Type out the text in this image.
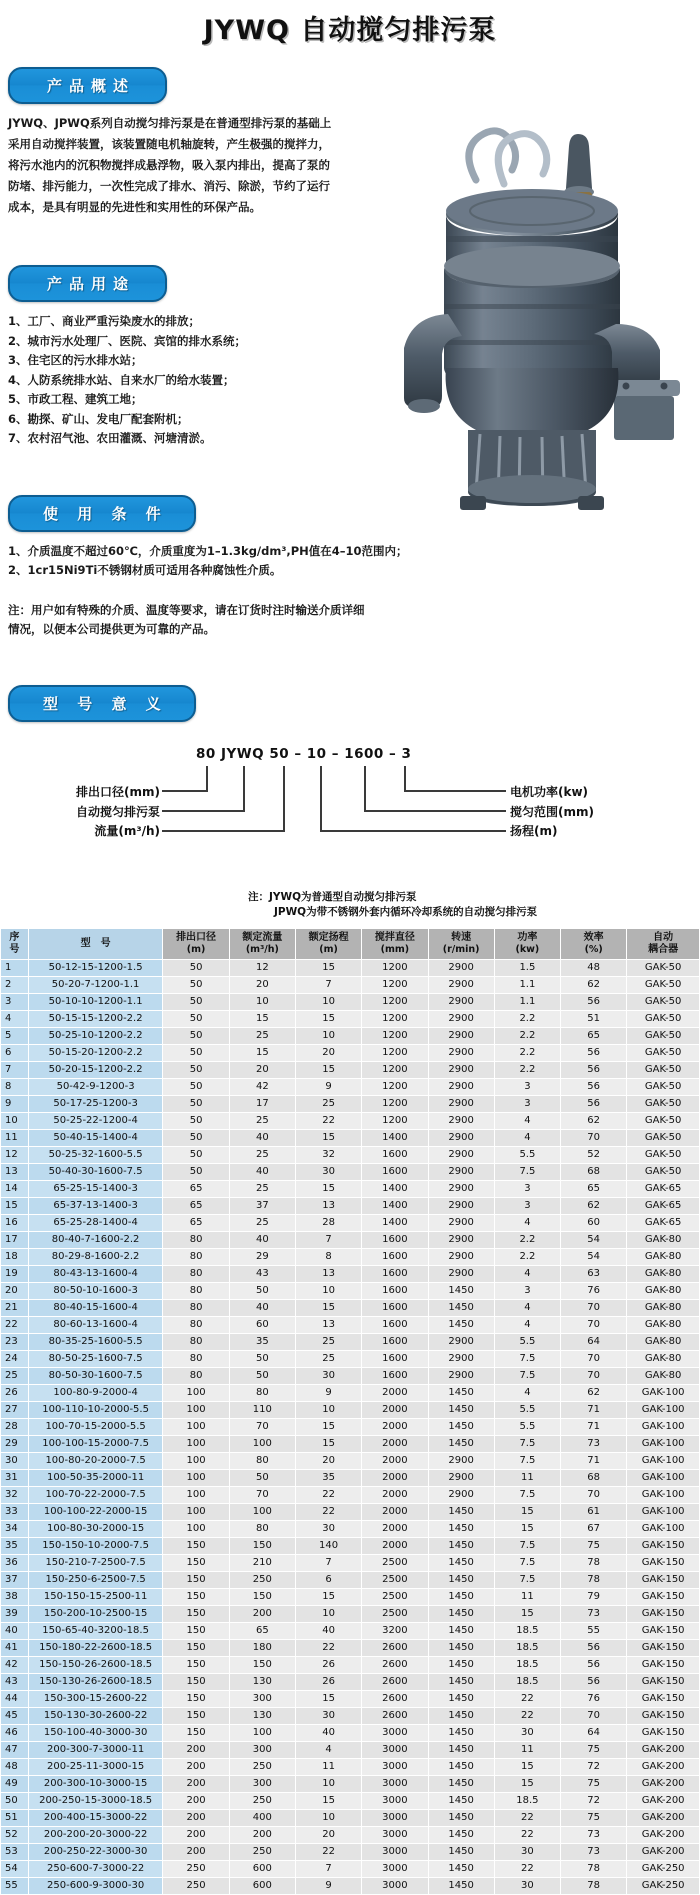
JYWQ 自动搅匀排污泵
产品概述

JYWQ、JPWQ系列自动搅匀排污泵是在普通型排污泵的基础上

采用自动搅拌装置，该装置随电机轴旋转，产生极强的搅拌力，

将污水池内的沉积物搅拌成悬浮物，吸入泵内排出，提高了泵的

防堵、排污能力，一次性完成了排水、消污、除淤，节约了运行

成本，是具有明显的先进性和实用性的环保产品。

产品用途
1、工厂、商业严重污染废水的排放；
2、城市污水处理厂、医院、宾馆的排水系统；
3、住宅区的污水排水站；
4、人防系统排水站、自来水厂的给水装置；
5、市政工程、建筑工地；
6、勘探、矿山、发电厂配套附机；
7、农村沼气池、农田灌溉、河塘清淤。
使 用 条 件
1、介质温度不超过60℃，介质重度为1–1.3kg/dm³,PH值在4–10范围内；
2、1cr15Ni9Ti不锈钢材质可适用各种腐蚀性介质。

注：用户如有特殊的介质、温度等要求，请在订货时注时输送介质详细

情况，以便本公司提供更为可靠的产品。

型 号 意 义
80 JYWQ 50 – 10 – 1600 – 3
排出口径(mm)
自动搅匀排污泵
流量(m³/h)
电机功率(kw)
搅匀范围(mm)
扬程(m)
注：JYWQ为普通型自动搅匀排污泵
JPWQ为带不锈钢外套内循环冷却系统的自动搅匀排污泵
序
号

型　号

排出口径
(m)

额定流量
(m³/h)

额定扬程
(m)

搅拌直径
(mm)

转速
(r/min)

功率
(kw)

效率
(%)

自动
耦合器

1	50-12-15-1200-1.5	50	12	15	1200	2900	1.5	48	GAK-50
2	50-20-7-1200-1.1	50	20	7	1200	2900	1.1	62	GAK-50
3	50-10-10-1200-1.1	50	10	10	1200	2900	1.1	56	GAK-50
4	50-15-15-1200-2.2	50	15	15	1200	2900	2.2	51	GAK-50
5	50-25-10-1200-2.2	50	25	10	1200	2900	2.2	65	GAK-50
6	50-15-20-1200-2.2	50	15	20	1200	2900	2.2	56	GAK-50
7	50-20-15-1200-2.2	50	20	15	1200	2900	2.2	56	GAK-50
8	50-42-9-1200-3	50	42	9	1200	2900	3	56	GAK-50
9	50-17-25-1200-3	50	17	25	1200	2900	3	56	GAK-50
10	50-25-22-1200-4	50	25	22	1200	2900	4	62	GAK-50
11	50-40-15-1400-4	50	40	15	1400	2900	4	70	GAK-50
12	50-25-32-1600-5.5	50	25	32	1600	2900	5.5	52	GAK-50
13	50-40-30-1600-7.5	50	40	30	1600	2900	7.5	68	GAK-50
14	65-25-15-1400-3	65	25	15	1400	2900	3	65	GAK-65
15	65-37-13-1400-3	65	37	13	1400	2900	3	62	GAK-65
16	65-25-28-1400-4	65	25	28	1400	2900	4	60	GAK-65
17	80-40-7-1600-2.2	80	40	7	1600	2900	2.2	54	GAK-80
18	80-29-8-1600-2.2	80	29	8	1600	2900	2.2	54	GAK-80
19	80-43-13-1600-4	80	43	13	1600	2900	4	63	GAK-80
20	80-50-10-1600-3	80	50	10	1600	1450	3	76	GAK-80
21	80-40-15-1600-4	80	40	15	1600	1450	4	70	GAK-80
22	80-60-13-1600-4	80	60	13	1600	1450	4	70	GAK-80
23	80-35-25-1600-5.5	80	35	25	1600	2900	5.5	64	GAK-80
24	80-50-25-1600-7.5	80	50	25	1600	2900	7.5	70	GAK-80
25	80-50-30-1600-7.5	80	50	30	1600	2900	7.5	70	GAK-80
26	100-80-9-2000-4	100	80	9	2000	1450	4	62	GAK-100
27	100-110-10-2000-5.5	100	110	10	2000	1450	5.5	71	GAK-100
28	100-70-15-2000-5.5	100	70	15	2000	1450	5.5	71	GAK-100
29	100-100-15-2000-7.5	100	100	15	2000	1450	7.5	73	GAK-100
30	100-80-20-2000-7.5	100	80	20	2000	2900	7.5	71	GAK-100
31	100-50-35-2000-11	100	50	35	2000	2900	11	68	GAK-100
32	100-70-22-2000-7.5	100	70	22	2000	2900	7.5	70	GAK-100
33	100-100-22-2000-15	100	100	22	2000	1450	15	61	GAK-100
34	100-80-30-2000-15	100	80	30	2000	1450	15	67	GAK-100
35	150-150-10-2000-7.5	150	150	140	2000	1450	7.5	75	GAK-150
36	150-210-7-2500-7.5	150	210	7	2500	1450	7.5	78	GAK-150
37	150-250-6-2500-7.5	150	250	6	2500	1450	7.5	78	GAK-150
38	150-150-15-2500-11	150	150	15	2500	1450	11	79	GAK-150
39	150-200-10-2500-15	150	200	10	2500	1450	15	73	GAK-150
40	150-65-40-3200-18.5	150	65	40	3200	1450	18.5	55	GAK-150
41	150-180-22-2600-18.5	150	180	22	2600	1450	18.5	56	GAK-150
42	150-150-26-2600-18.5	150	150	26	2600	1450	18.5	56	GAK-150
43	150-130-26-2600-18.5	150	130	26	2600	1450	18.5	56	GAK-150
44	150-300-15-2600-22	150	300	15	2600	1450	22	76	GAK-150
45	150-130-30-2600-22	150	130	30	2600	1450	22	70	GAK-150
46	150-100-40-3000-30	150	100	40	3000	1450	30	64	GAK-150
47	200-300-7-3000-11	200	300	4	3000	1450	11	75	GAK-200
48	200-25-11-3000-15	200	250	11	3000	1450	15	72	GAK-200
49	200-300-10-3000-15	200	300	10	3000	1450	15	75	GAK-200
50	200-250-15-3000-18.5	200	250	15	3000	1450	18.5	72	GAK-200
51	200-400-15-3000-22	200	400	10	3000	1450	22	75	GAK-200
52	200-200-20-3000-22	200	200	20	3000	1450	22	73	GAK-200
53	200-250-22-3000-30	200	250	22	3000	1450	30	73	GAK-200
54	250-600-7-3000-22	250	600	7	3000	1450	22	78	GAK-250
55	250-600-9-3000-30	250	600	9	3000	1450	30	78	GAK-250
